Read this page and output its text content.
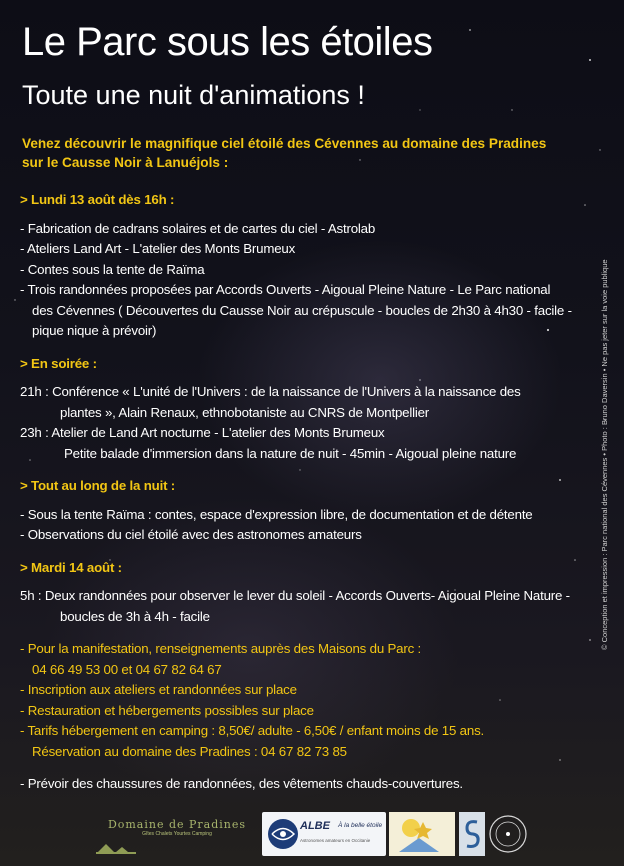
Le Parc sous les étoiles
Toute une nuit d'animations !
Venez découvrir le magnifique ciel étoilé des Cévennes au domaine des Pradines
sur le Causse Noir à Lanuéjols :

> Lundi 13 août dès 16h :

- Fabrication de cadrans solaires et de cartes du ciel - Astrolab

- Ateliers Land Art - L'atelier des Monts Brumeux

- Contes sous la tente de Raïma

- Trois randonnées proposées par Accords Ouverts - Aigoual Pleine Nature - Le Parc national

des Cévennes ( Découvertes du Causse Noir au crépuscule - boucles de 2h30 à 4h30 - facile -

pique nique à prévoir)

> En soirée :

21h : Conférence « L'unité de l'Univers : de la naissance de l'Univers à la naissance des

plantes », Alain Renaux, ethnobotaniste au CNRS de Montpellier

23h : Atelier de Land Art nocturne - L'atelier des Monts Brumeux

Petite balade d'immersion dans la nature de nuit - 45min - Aigoual pleine nature

> Tout au long de la nuit :

- Sous la tente Raïma : contes, espace d'expression libre, de documentation et de détente

- Observations du ciel étoilé avec des astronomes amateurs

> Mardi 14 août :

5h : Deux randonnées pour observer le lever du soleil - Accords Ouverts- Aigoual Pleine Nature -

boucles de 3h à 4h - facile

- Pour la manifestation, renseignements auprès des Maisons du Parc :

04 66 49 53 00 et 04 67 82 64 67

- Inscription aux ateliers et randonnées sur place

- Restauration et hébergements possibles sur place

- Tarifs hébergement en camping : 8,50€/ adulte - 6,50€ / enfant moins de 15 ans.

Réservation au domaine des Pradines : 04 67 82 73 85

- Prévoir des chaussures de randonnées, des vêtements chauds-couvertures.

© Conception et impression : Parc national des Cévennes • Photo : Bruno Daversin • Ne pas jeter sur la voie publique
Domaine de Pradines
Gîtes Chalets Yourtes Camping
ALBE À la belle étoile
Astronomes amateurs en Occitanie
